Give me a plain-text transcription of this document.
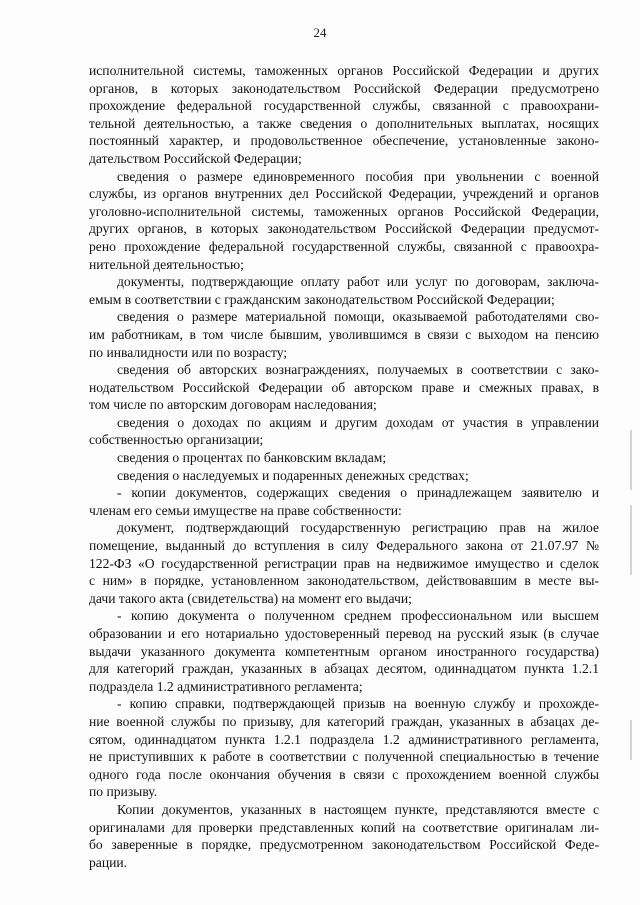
24
исполнительной системы, таможенных органов Российской Федерации и других
органов, в которых законодательством Российской Федерации предусмотрено
прохождение федеральной государственной службы, связанной с правоохрани-
тельной деятельностью, а также сведения о дополнительных выплатах, носящих
постоянный характер, и продовольственное обеспечение, установленные законо-
дательством Российской Федерации;
сведения о размере единовременного пособия при увольнении с военной
службы, из органов внутренних дел Российской Федерации, учреждений и органов
уголовно-исполнительной системы, таможенных органов Российской Федерации,
других органов, в которых законодательством Российской Федерации предусмот-
рено прохождение федеральной государственной службы, связанной с правоохра-
нительной деятельностью;
документы, подтверждающие оплату работ или услуг по договорам, заключа-
емым в соответствии с гражданским законодательством Российской Федерации;
сведения о размере материальной помощи, оказываемой работодателями сво-
им работникам, в том числе бывшим, уволившимся в связи с выходом на пенсию
по инвалидности или по возрасту;
сведения об авторских вознаграждениях, получаемых в соответствии с зако-
нодательством Российской Федерации об авторском праве и смежных правах, в
том числе по авторским договорам наследования;
сведения о доходах по акциям и другим доходам от участия в управлении
собственностью организации;
сведения о процентах по банковским вкладам;
сведения о наследуемых и подаренных денежных средствах;
- копии документов, содержащих сведения о принадлежащем заявителю и
членам его семьи имуществе на праве собственности:
документ, подтверждающий государственную регистрацию прав на жилое
помещение, выданный до вступления в силу Федерального закона от 21.07.97 №
122-ФЗ «О государственной регистрации прав на недвижимое имущество и сделок
с ним» в порядке, установленном законодательством, действовавшим в месте вы-
дачи такого акта (свидетельства) на момент его выдачи;
- копию документа о полученном среднем профессиональном или высшем
образовании и его нотариально удостоверенный перевод на русский язык (в случае
выдачи указанного документа компетентным органом иностранного государства)
для категорий граждан, указанных в абзацах десятом, одиннадцатом пункта 1.2.1
подраздела 1.2 административного регламента;
- копию справки, подтверждающей призыв на военную службу и прохожде-
ние военной службы по призыву, для категорий граждан, указанных в абзацах де-
сятом, одиннадцатом пункта 1.2.1 подраздела 1.2 административного регламента,
не приступивших к работе в соответствии с полученной специальностью в течение
одного года после окончания обучения в связи с прохождением военной службы
по призыву.
Копии документов, указанных в настоящем пункте, представляются вместе с
оригиналами для проверки представленных копий на соответствие оригиналам ли-
бо заверенные в порядке, предусмотренном законодательством Российской Феде-
рации.
